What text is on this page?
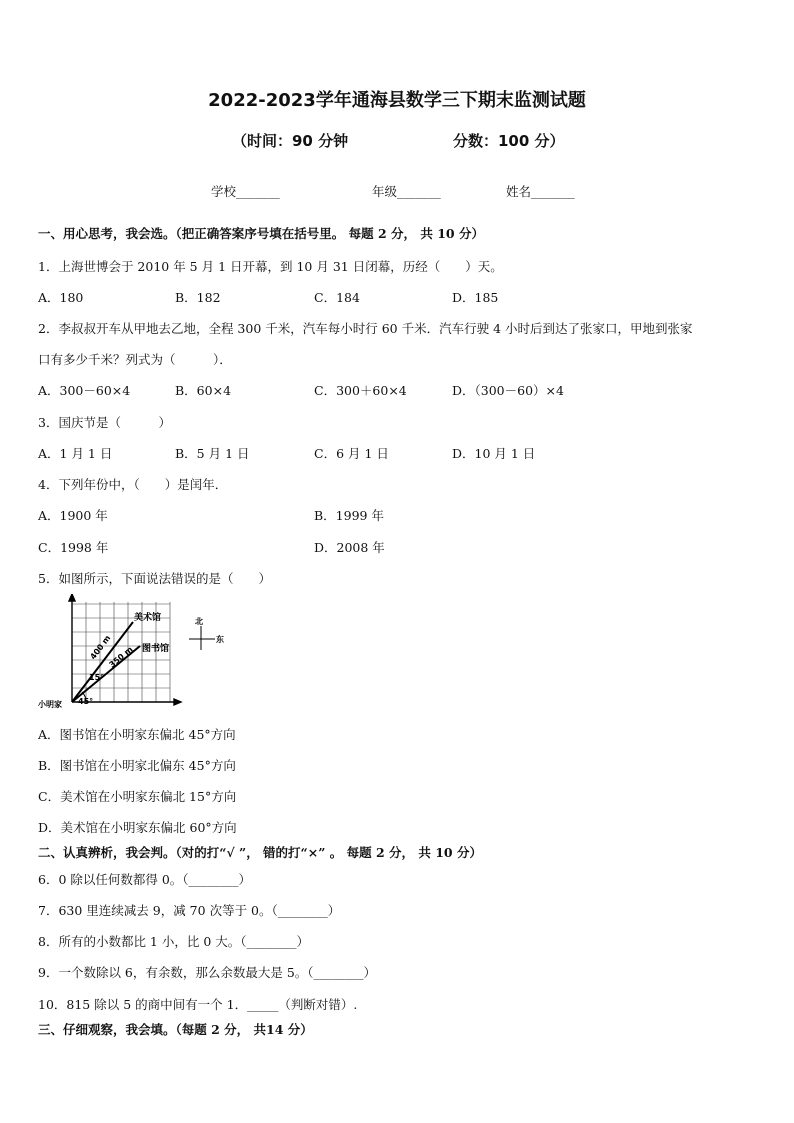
2022-2023学年通海县数学三下期末监测试题
（时间：90 分钟	分数：100 分）
学校_______	年级_______	姓名_______
一、用心思考，我会选。（把正确答案序号填在括号里。 每题 2 分， 共 10 分）
1．上海世博会于 2010 年 5 月 1 日开幕，到 10 月 31 日闭幕，历经（　　）天。
A．180	B．182	C．184	D．185
2．李叔叔开车从甲地去乙地，全程 300 千米，汽车每小时行 60 千米．汽车行驶 4 小时后到达了张家口，甲地到张家
口有多少千米？列式为（　　　）．
A．300－60×4	B．60×4	C．300＋60×4	D．（300－60）×4
3．国庆节是（　　　）
A．1 月 1 日	B．5 月 1 日	C．6 月 1 日	D．10 月 1 日
4．下列年份中，（　　）是闰年．
A．1900 年	B．1999 年
C．1998 年	D．2008 年
5．如图所示，下面说法错误的是（　　）
美术馆
图书馆
400 m
350 m
15°
45°
小明家
北
东
A．图书馆在小明家东偏北 45°方向
B．图书馆在小明家北偏东 45°方向
C．美术馆在小明家东偏北 15°方向
D．美术馆在小明家东偏北 60°方向
二、认真辨析，我会判。（对的打“√ ”， 错的打“×” 。 每题 2 分， 共 10 分）
6．0 除以任何数都得 0。（________）
7．630 里连续减去 9，减 70 次等于 0。（________）
8．所有的小数都比 1 小，比 0 大。（________）
9．一个数除以 6，有余数，那么余数最大是 5。（________）
10．815 除以 5 的商中间有一个 1．_____（判断对错）.
三、仔细观察，我会填。（每题 2 分， 共14 分）
